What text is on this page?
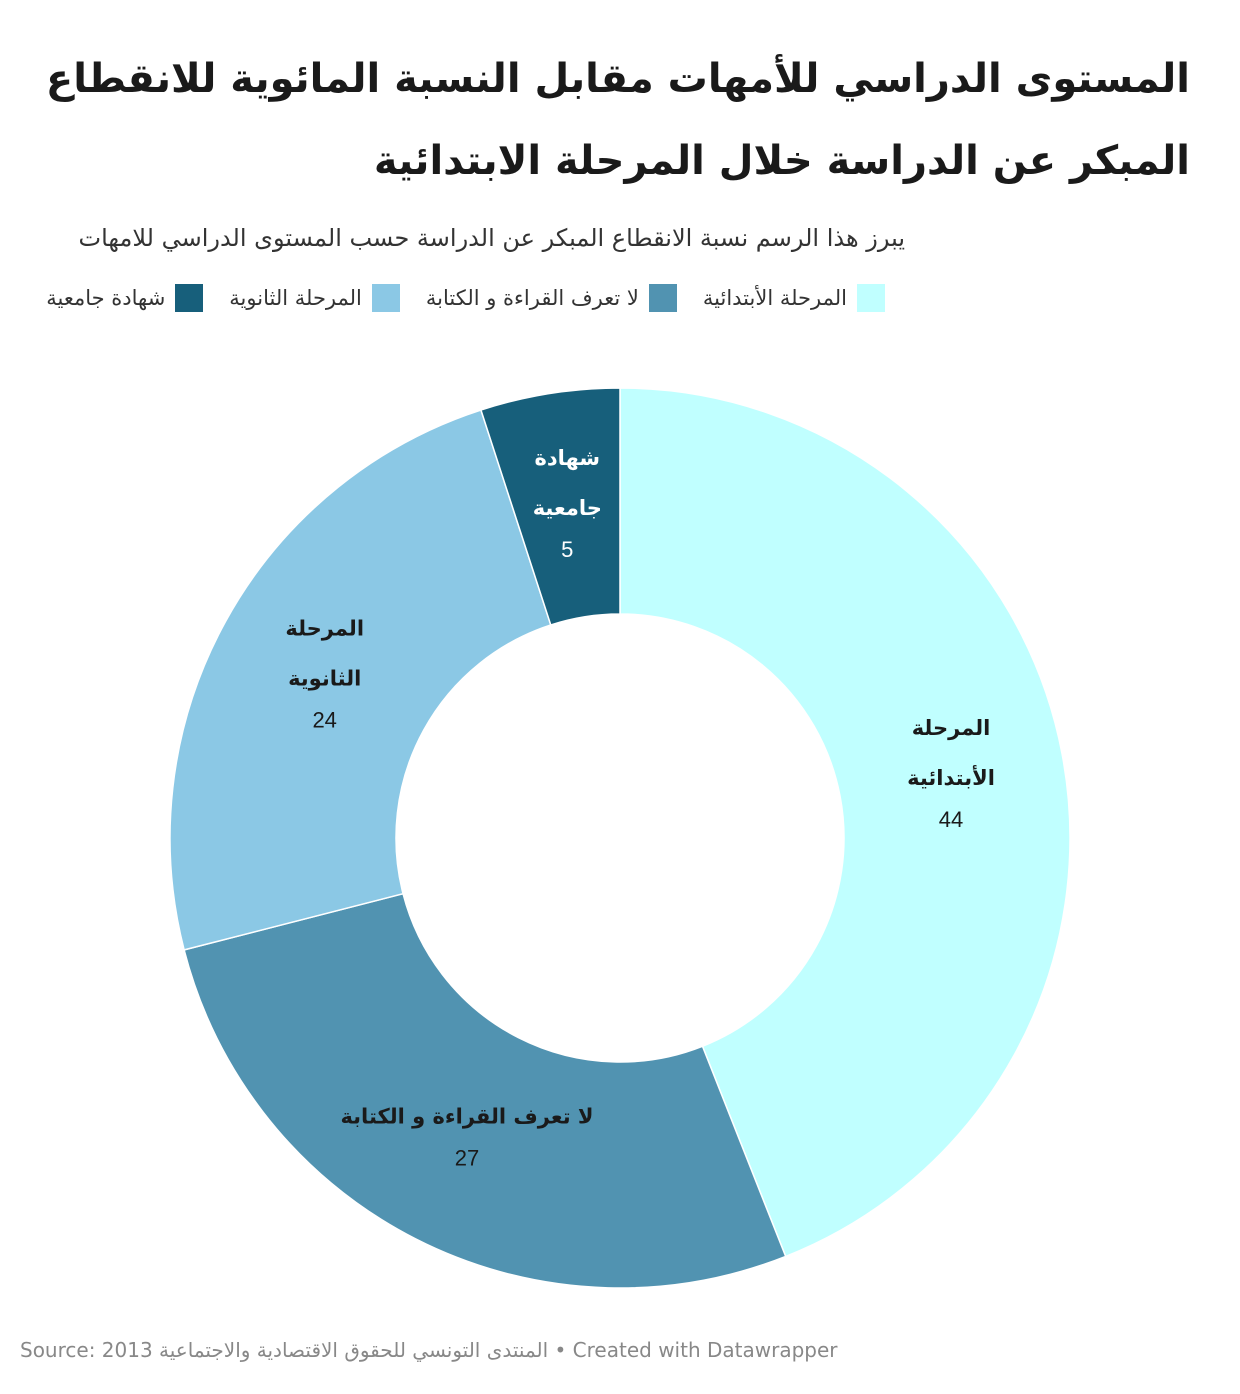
المستوى الدراسي للأمهات مقابل النسبة المائوية للانقطاع المبكر عن الدراسة خلال المرحلة الابتدائية
يبرز هذا الرسم نسبة الانقطاع المبكر عن الدراسة حسب المستوى الدراسي للامهات
المرحلة الأبتدائية
لا تعرف القراءة و الكتابة
المرحلة الثانوية
شهادة جامعية
المرحلة
الأبتدائية
44
لا تعرف القراءة و الكتابة
27
المرحلة
الثانوية
24
شهادة
جامعية
5
Source: 2013 المنتدى التونسي للحقوق الاقتصادية والاجتماعية • Created with Datawrapper
